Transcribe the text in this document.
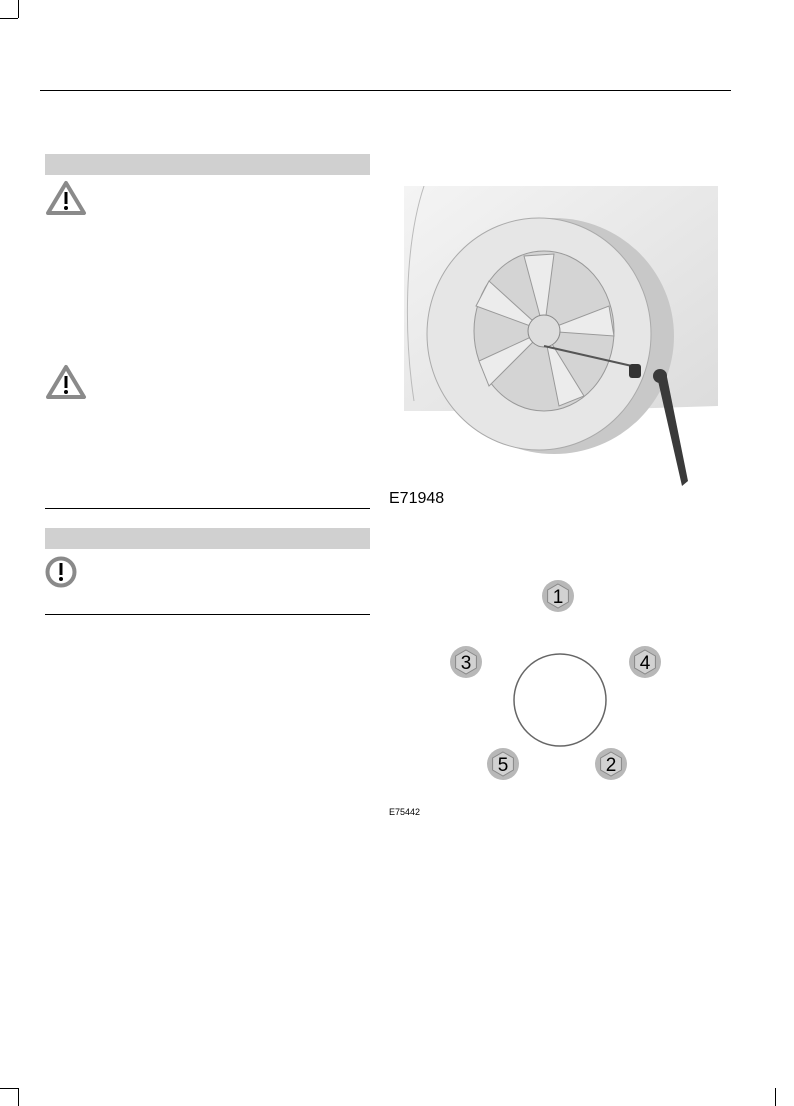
E71948
1
3	4
5	2
E75442
